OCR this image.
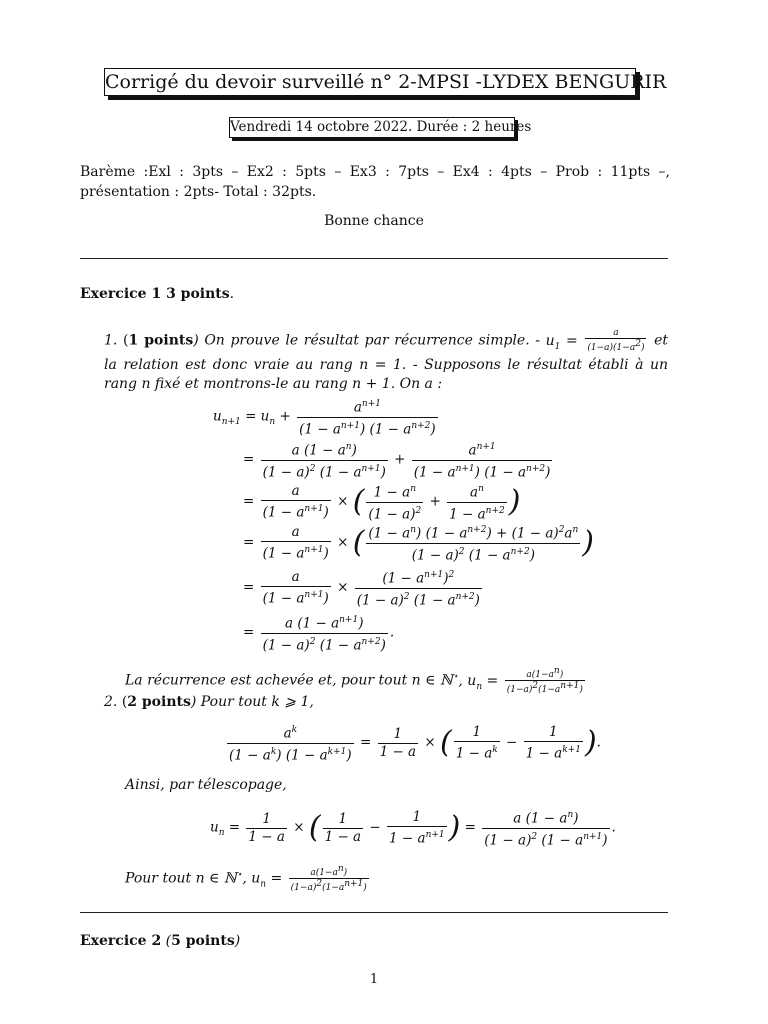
Corrigé du devoir surveillé n° 2-MPSI -LYDEX BENGURIR
Vendredi 14 octobre 2022. Durée : 2 heures
Barème :Exl : 3pts – Ex2 : 5pts – Ex3 : 7pts – Ex4 : 4pts – Prob : 11pts –, présentation : 2pts- Total : 32pts.
Bonne chance
Exercice 1 3 points.
1. (1 points) On prouve le résultat par récurrence simple. - $u_1 = \frac{a}{(1-a)(1-a^2)}$ et la relation est donc vraie au rang n = 1. - Supposons le résultat établi à un rang n fixé et montrons-le au rang n + 1. On a :
$u_{n+1} = u_n + \frac{a^{n+1}}{(1 - a^{n+1}) (1 - a^{n+2})}$
= $\frac{a (1 - a^n)}{(1 - a)^2 (1 - a^{n+1})} + \frac{a^{n+1}}{(1 - a^{n+1}) (1 - a^{n+2})}$
= $\frac{a}{(1 - a^{n+1})}$ × ( $\frac{1 - a^n}{(1 - a)^2} + \frac{a^n}{1 - a^{n+2}}$ )
= $\frac{a}{(1 - a^{n+1})}$ × ( $\frac{(1 - a^n) (1 - a^{n+2}) + (1 - a)^2a^n}{(1 - a)^2 (1 - a^{n+2})}$ )
= $\frac{a}{(1 - a^{n+1})} \times \frac{(1 - a^{n+1})^2}{(1 - a)^2 (1 - a^{n+2})}$
= $\frac{a (1 - a^{n+1})}{(1 - a)^2 (1 - a^{n+2})}$ .
La récurrence est achevée et, pour tout n ∈ ℕ⋆, $u_n = \frac{a(1-a^n)}{(1-a)^2(1-a^{n+1})}$
2. (2 points) Pour tout k ⩾ 1,
$\frac{a^k}{(1 - a^k) (1 - a^{k+1})} = \frac{1}{1 - a}$ × ( $\frac{1}{1 - a^k} - \frac{1}{1 - a^{k+1}}$ ).
Ainsi, par télescopage,
$u_n = \frac{1}{1 - a}$ × ( $\frac{1}{1 - a} - \frac{1}{1 - a^{n+1}}$ ) = $\frac{a (1 - a^n)}{(1 - a)^2 (1 - a^{n+1})}$ .
Pour tout n ∈ ℕ⋆, $u_n = \frac{a(1-a^n)}{(1-a)^2(1-a^{n+1})}$
Exercice 2 (5 points)
1
